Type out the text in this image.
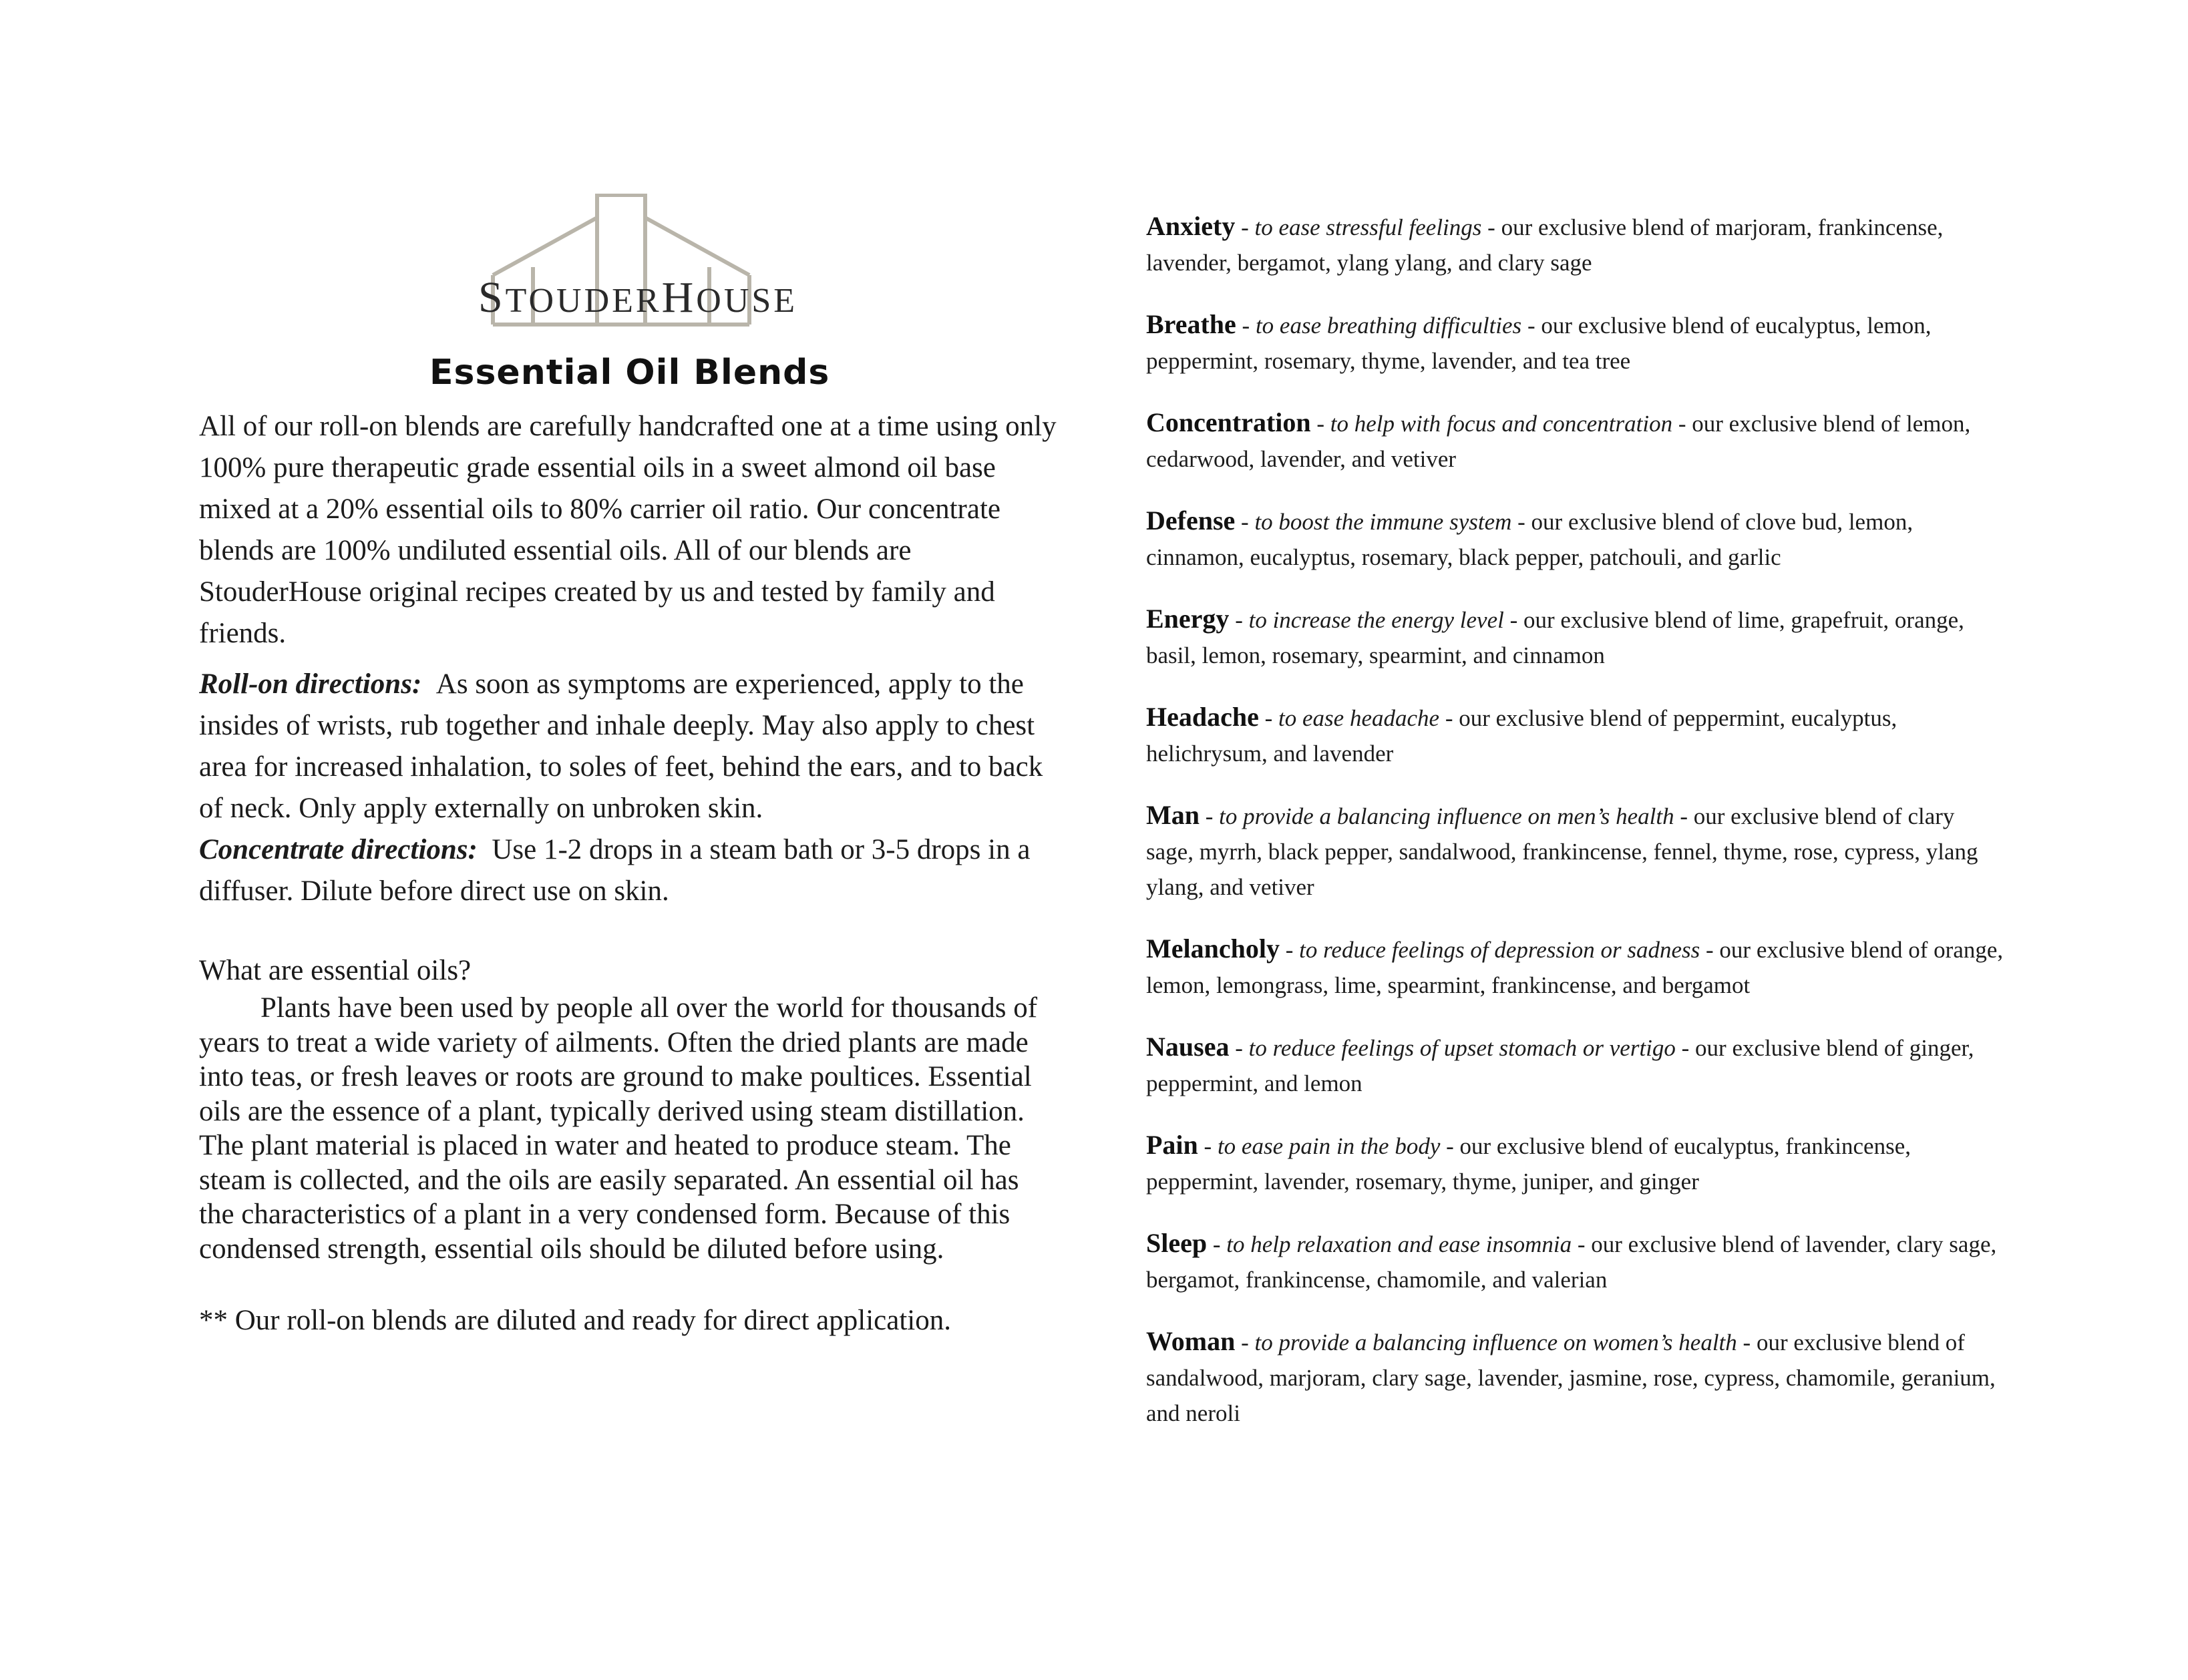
STOUDERHOUSE
Essential Oil Blends

All of our roll-on blends are carefully handcrafted one at a time using only 100% pure therapeutic grade essential oils in a sweet almond oil base mixed at a 20% essential oils to 80% carrier oil ratio. Our concentrate blends are 100% undiluted essential oils. All of our blends are StouderHouse original recipes created by us and tested by family and friends.

Roll-on directions: As soon as symptoms are experienced, apply to the insides of wrists, rub together and inhale deeply. May also apply to chest area for increased inhalation, to soles of feet, behind the ears, and to back of neck. Only apply externally on unbroken skin.

Concentrate directions: Use 1-2 drops in a steam bath or 3-5 drops in a diffuser. Dilute before direct use on skin.

What are essential oils?

Plants have been used by people all over the world for thousands of years to treat a wide variety of ailments. Often the dried plants are made into teas, or fresh leaves or roots are ground to make poultices. Essential oils are the essence of a plant, typically derived using steam distillation. The plant material is placed in water and heated to produce steam. The steam is collected, and the oils are easily separated. An essential oil has the characteristics of a plant in a very condensed form. Because of this condensed strength, essential oils should be diluted before using.

** Our roll-on blends are diluted and ready for direct application.
Anxiety - to ease stressful feelings - our exclusive blend of marjoram, frankincense, lavender, bergamot, ylang ylang, and clary sage
Breathe - to ease breathing difficulties - our exclusive blend of eucalyptus, lemon, peppermint, rosemary, thyme, lavender, and tea tree
Concentration - to help with focus and concentration - our exclusive blend of lemon, cedarwood, lavender, and vetiver
Defense - to boost the immune system - our exclusive blend of clove bud, lemon, cinnamon, eucalyptus, rosemary, black pepper, patchouli, and garlic
Energy - to increase the energy level - our exclusive blend of lime, grapefruit, orange, basil, lemon, rosemary, spearmint, and cinnamon
Headache - to ease headache - our exclusive blend of peppermint, eucalyptus, helichrysum, and lavender
Man - to provide a balancing influence on men’s health - our exclusive blend of clary sage, myrrh, black pepper, sandalwood, frankincense, fennel, thyme, rose, cypress, ylang ylang, and vetiver
Melancholy - to reduce feelings of depression or sadness - our exclusive blend of orange, lemon, lemongrass, lime, spearmint, frankincense, and bergamot
Nausea - to reduce feelings of upset stomach or vertigo - our exclusive blend of ginger, peppermint, and lemon
Pain - to ease pain in the body - our exclusive blend of eucalyptus, frankincense, peppermint, lavender, rosemary, thyme, juniper, and ginger
Sleep - to help relaxation and ease insomnia - our exclusive blend of lavender, clary sage, bergamot, frankincense, chamomile, and valerian
Woman - to provide a balancing influence on women’s health - our exclusive blend of sandalwood, marjoram, clary sage, lavender, jasmine, rose, cypress, chamomile, geranium, and neroli
